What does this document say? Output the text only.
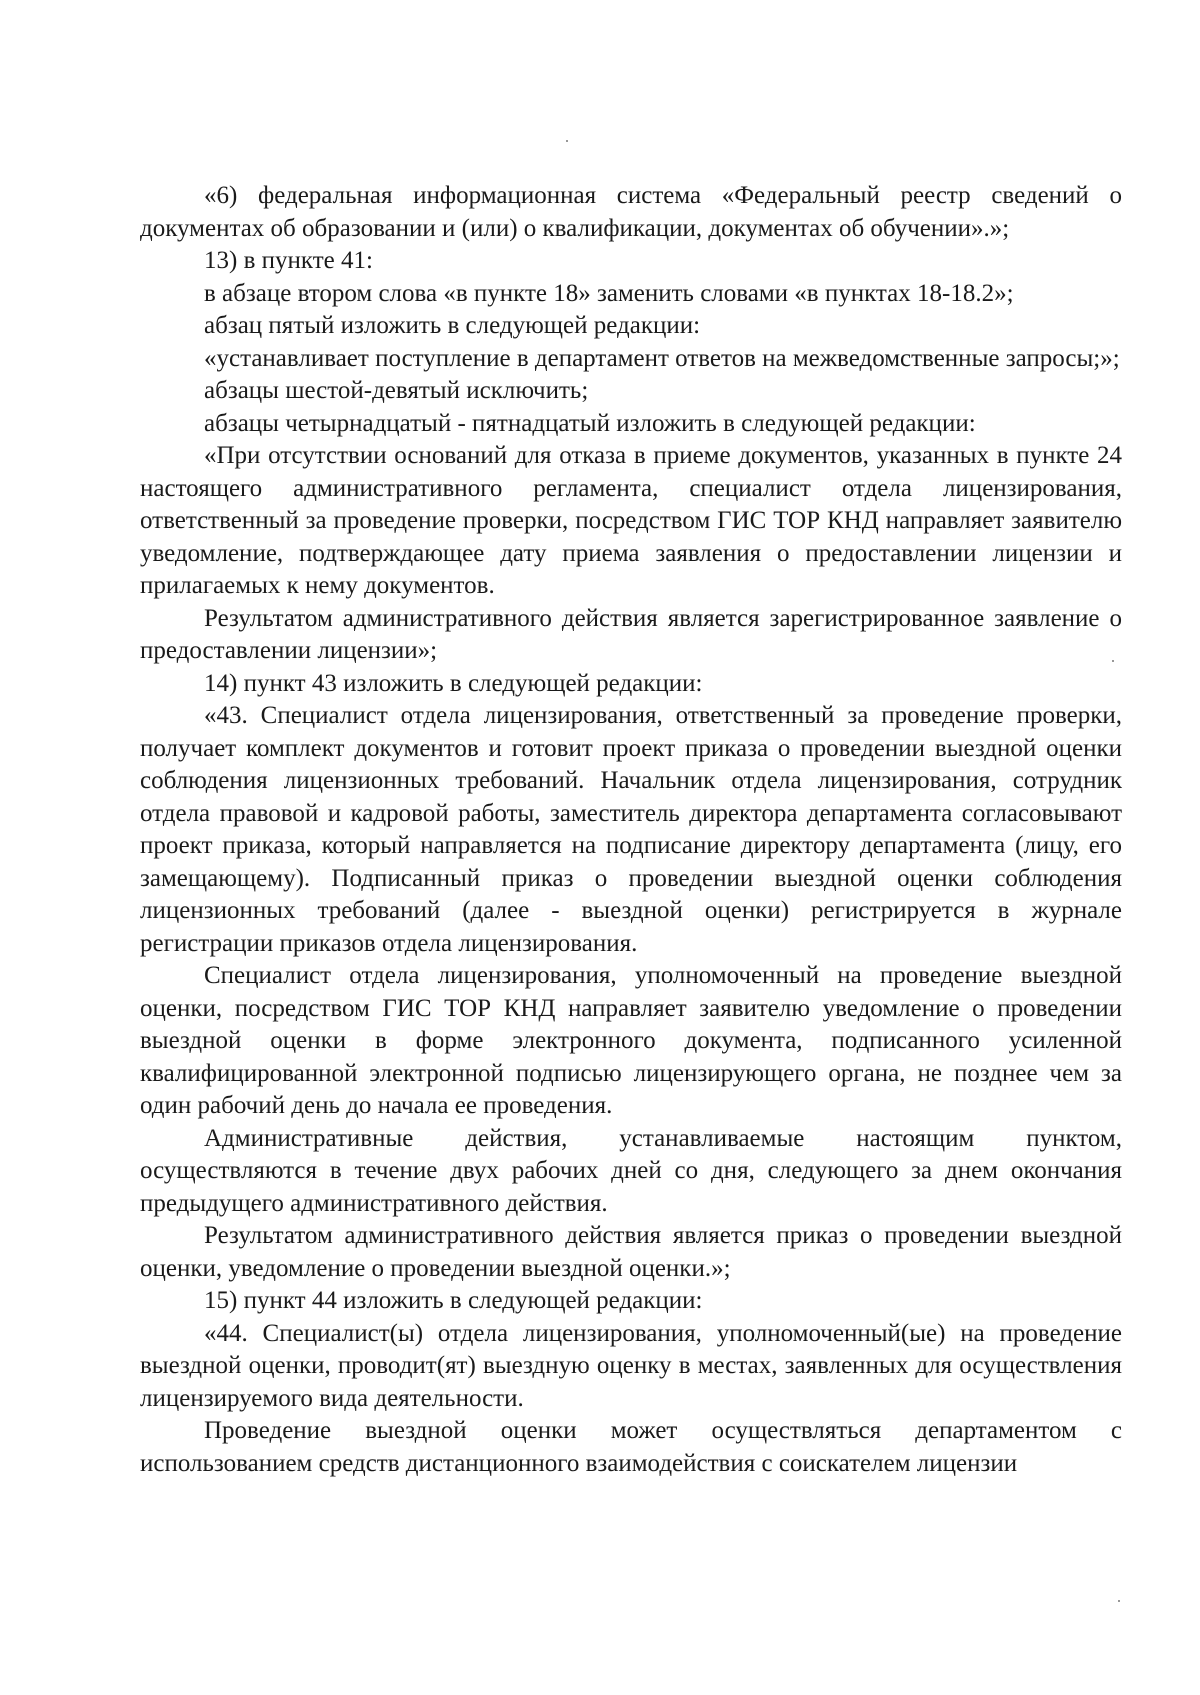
«6) федеральная информационная система «Федеральный реестр сведений о документах об образовании и (или) о квалификации, документах об обучении».»;

13) в пункте 41:

в абзаце втором слова «в пункте 18» заменить словами «в пунктах 18-18.2»;

абзац пятый изложить в следующей редакции:

«устанавливает поступление в департамент ответов на межведомственные запросы;»;

абзацы шестой-девятый исключить;

абзацы четырнадцатый - пятнадцатый изложить в следующей редакции:

«При отсутствии оснований для отказа в приеме документов, указанных в пункте 24 настоящего административного регламента, специалист отдела лицензирования, ответственный за проведение проверки, посредством ГИС ТОР КНД направляет заявителю уведомление, подтверждающее дату приема заявления о предоставлении лицензии и прилагаемых к нему документов.

Результатом административного действия является зарегистрированное заявление о предоставлении лицензии»;

14) пункт 43 изложить в следующей редакции:

«43. Специалист отдела лицензирования, ответственный за проведение проверки, получает комплект документов и готовит проект приказа о проведении выездной оценки соблюдения лицензионных требований. Начальник отдела лицензирования, сотрудник отдела правовой и кадровой работы, заместитель директора департамента согласовывают проект приказа, который направляется на подписание директору департамента (лицу, его замещающему). Подписанный приказ о проведении выездной оценки соблюдения лицензионных требований (далее - выездной оценки) регистрируется в журнале регистрации приказов отдела лицензирования.

Специалист отдела лицензирования, уполномоченный на проведение выездной оценки, посредством ГИС ТОР КНД направляет заявителю уведомление о проведении выездной оценки в форме электронного документа, подписанного усиленной квалифицированной электронной подписью лицензирующего органа, не позднее чем за один рабочий день до начала ее проведения.

Административные действия, устанавливаемые настоящим пунктом, осуществляются в течение двух рабочих дней со дня, следующего за днем окончания предыдущего административного действия.

Результатом административного действия является приказ о проведении выездной оценки, уведомление о проведении выездной оценки.»;

15) пункт 44 изложить в следующей редакции:

«44. Специалист(ы) отдела лицензирования, уполномоченный(ые) на проведение выездной оценки, проводит(ят) выездную оценку в местах, заявленных для осуществления лицензируемого вида деятельности.

Проведение выездной оценки может осуществляться департаментом с использованием средств дистанционного взаимодействия с соискателем лицензии
